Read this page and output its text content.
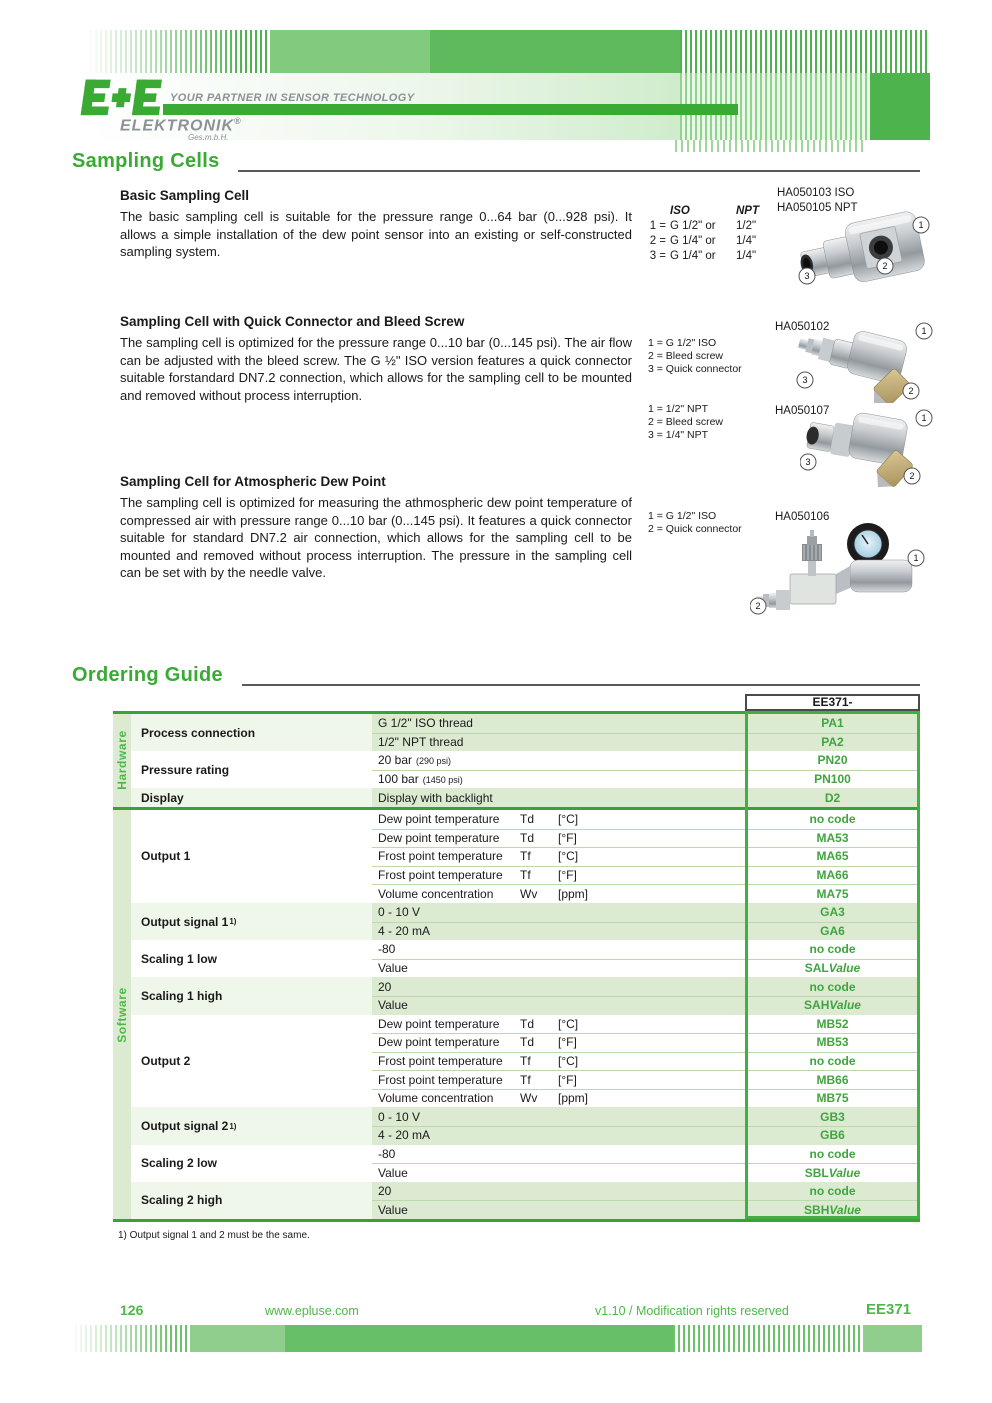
YOUR PARTNER IN SENSOR TECHNOLOGY
ELEKTRONIK®
Ges.m.b.H.
Sampling Cells
Basic Sampling Cell

The basic sampling cell is suitable for the pressure range 0...64 bar (0...928 psi). It allows a simple installation of the dew point sensor into an existing or self-constructed sampling system.

ISO	NPT
1 = G 1/2" or	1/2"
2 = G 1/4" or	1/4"
3 = G 1/4" or	1/4"
HA050103 ISO
HA050105 NPT
1
2
3
Sampling Cell with Quick Connector and Bleed Screw

The sampling cell is optimized for the pressure range 0...10 bar (0...145 psi). The air flow can be adjusted with the bleed screw. The G ½" ISO version features a quick connector suitable forstandard DN7.2 connection, which allows for the sampling cell to be mounted and removed without process interruption.

1 = G 1/2" ISO
2 = Bleed screw
3 = Quick connector
HA050102	1
2
3
1 = 1/2" NPT
2 = Bleed screw
3 = 1/4" NPT
HA050107
1
2
3
Sampling Cell for Atmospheric Dew Point

The sampling cell is optimized for measuring the athmospheric dew point temperature of compressed air with pressure range 0...10 bar (0...145 psi). It features a quick connector suitable for standard DN7.2 air connection, which allows for the sampling cell to be mounted and removed without process interruption. The pressure in the sampling cell can be set with by the needle valve.

1 = G 1/2" ISO
2 = Quick connector
HA050106
1
2
Ordering Guide
EE371-
Hardware	Process connection
G 1/2" ISO thread	PA1
1/2" NPT thread	PA2
Pressure rating
20 bar (290 psi)	PN20
100 bar (1450 psi)	PN100
Display	Display with backlight	D2
Software
Output 1
Dew point temperature	Td	[°C]	no code
Dew point temperature	Td	[°F]	MA53
Frost point temperature	Tf	[°C]	MA65
Frost point temperature	Tf	[°F]	MA66
Volume concentration	Wv	[ppm]	MA75
Output signal 1 1)
0 - 10 V	GA3
4 - 20 mA	GA6
Scaling 1 low
-80	no code
Value	SAL Value
Scaling 1 high
20	no code
Value	SAH Value
Output 2
Dew point temperature	Td	[°C]	MB52
Dew point temperature	Td	[°F]	MB53
Frost point temperature	Tf	[°C]	no code
Frost point temperature	Tf	[°F]	MB66
Volume concentration	Wv	[ppm]	MB75
Output signal 2 1)
0 - 10 V	GB3
4 - 20 mA	GB6
Scaling 2 low
-80	no code
Value	SBL Value
Scaling 2 high
20	no code
Value	SBH Value
1) Output signal 1 and 2 must be the same.
126	www.epluse.com	v1.10 / Modification rights reserved	EE371
